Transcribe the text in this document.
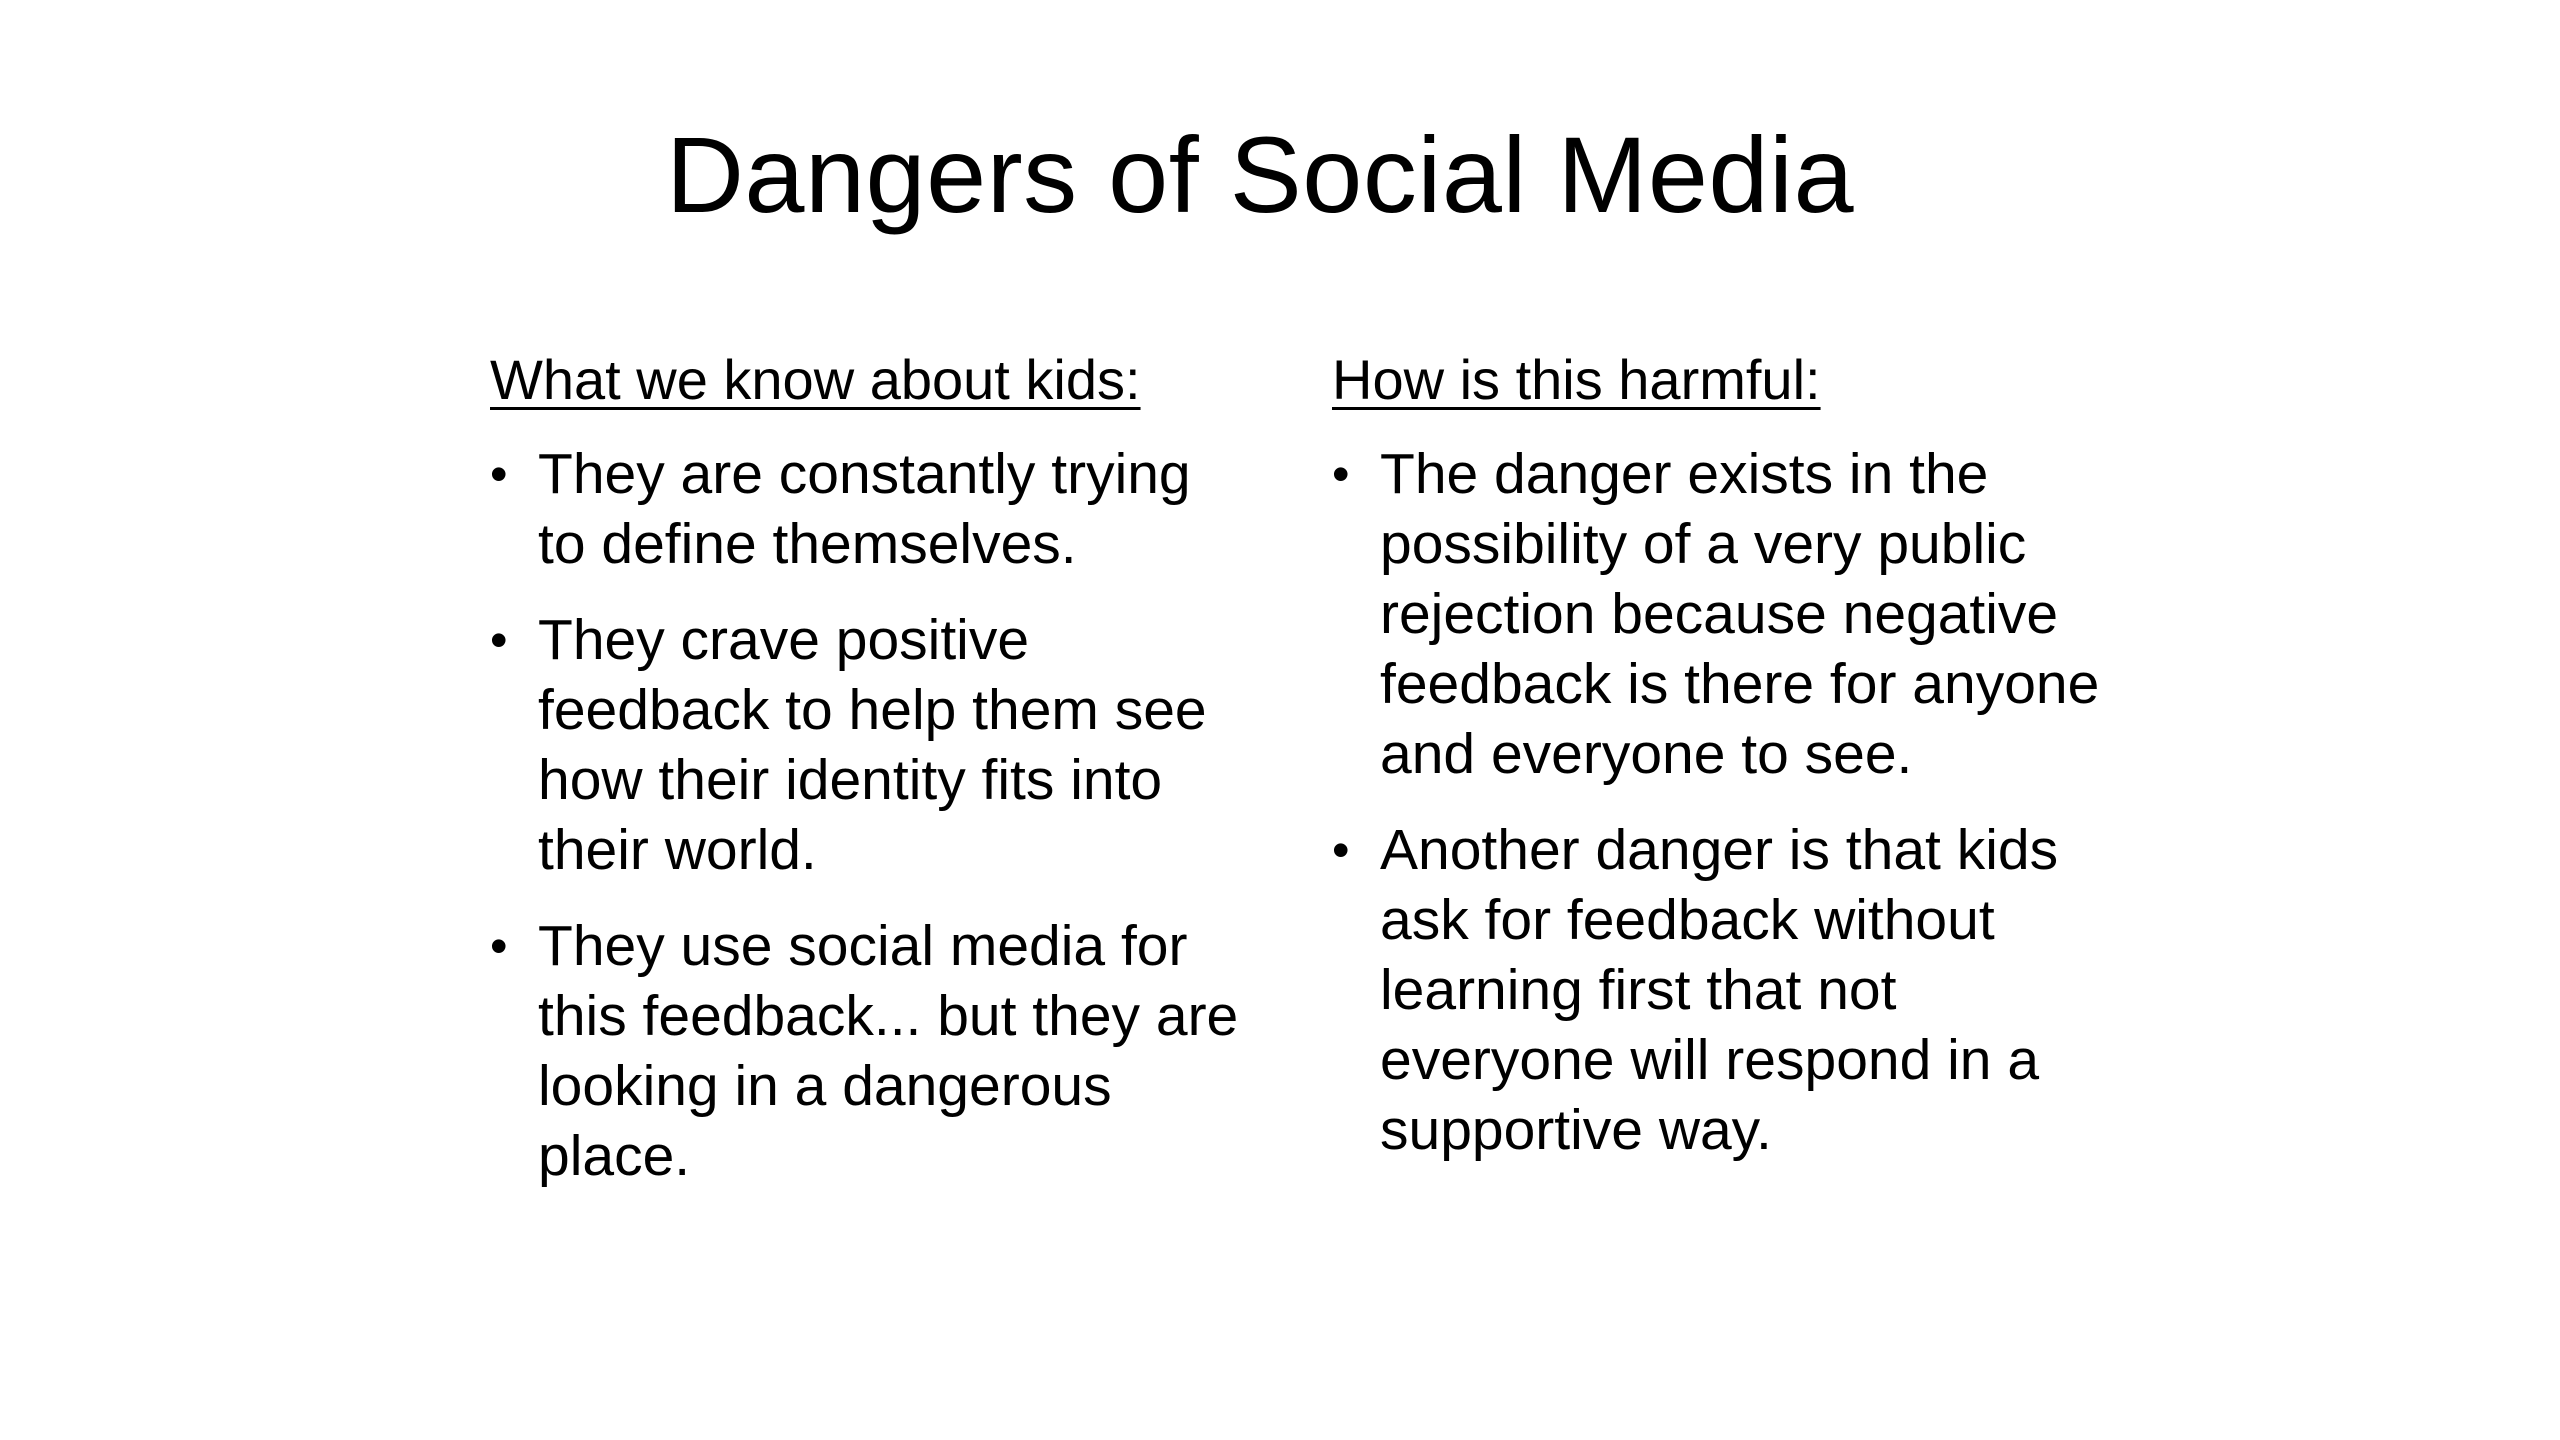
Dangers of Social Media
What we know about kids:
• They are constantly trying to define themselves.
• They crave positive feedback to help them see how their identity fits into their world.
• They use social media for this feedback... but they are looking in a dangerous place.
How is this harmful:
• The danger exists in the possibility of a very public rejection because negative feedback is there for anyone and everyone to see.
• Another danger is that kids ask for feedback without learning first that not everyone will respond in a supportive way.
